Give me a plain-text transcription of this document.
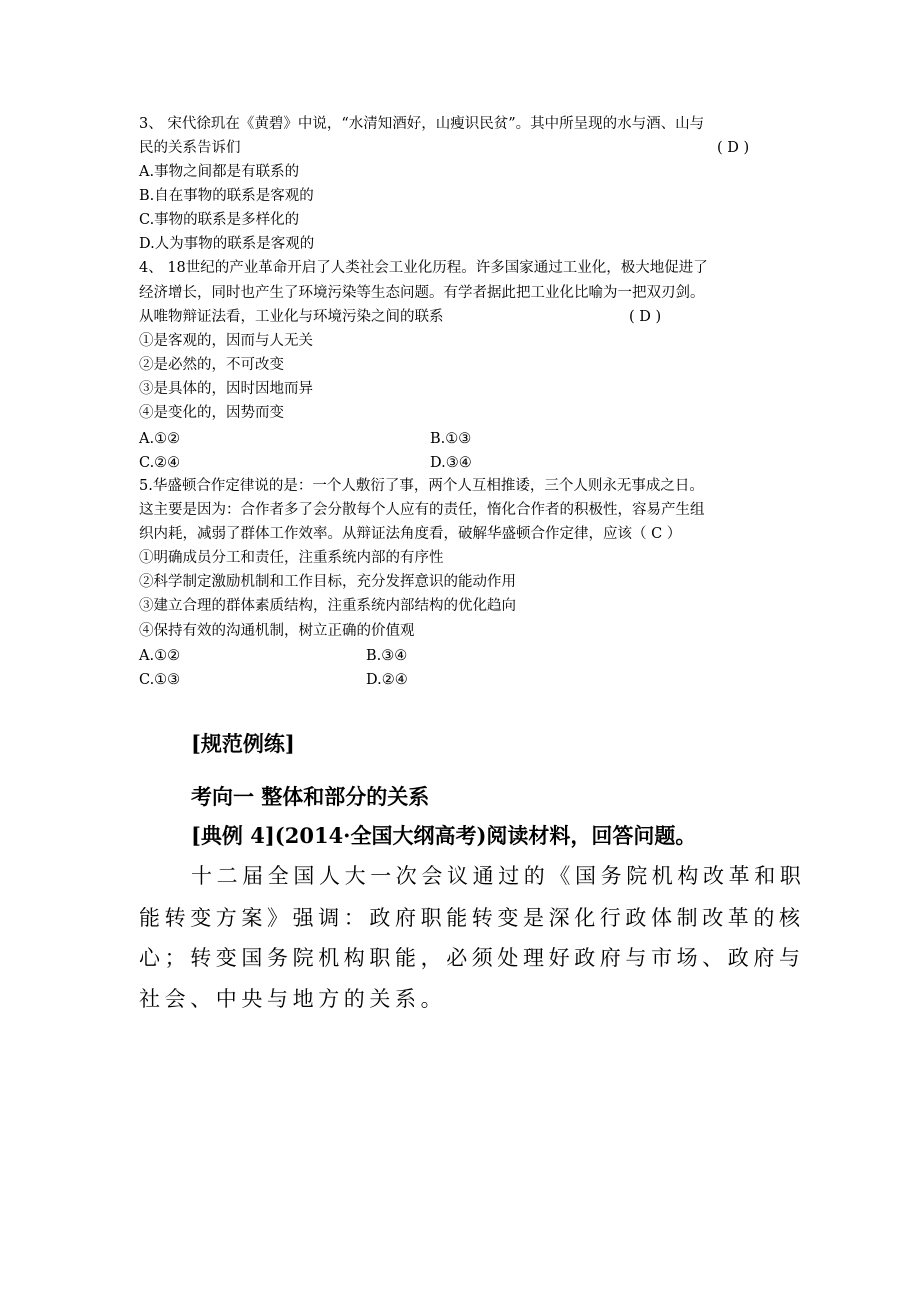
3、 宋代徐玑在《黄碧》中说，“水清知酒好，山瘦识民贫”。其中所呈现的水与酒、山与
民的关系告诉们	( D )
A.事物之间都是有联系的
B.自在事物的联系是客观的
C.事物的联系是多样化的
D.人为事物的联系是客观的
4、 18世纪的产业革命开启了人类社会工业化历程。许多国家通过工业化，极大地促进了
经济增长，同时也产生了环境污染等生态问题。有学者据此把工业化比喻为一把双刃剑。
从唯物辩证法看，工业化与环境污染之间的联系	( D )
①是客观的，因而与人无关
②是必然的，不可改变
③是具体的，因时因地而异
④是变化的，因势而变
A.①②	B.①③
C.②④	D.③④
5.华盛顿合作定律说的是：一个人敷衍了事，两个人互相推诿，三个人则永无事成之日。
这主要是因为：合作者多了会分散每个人应有的责任，惰化合作者的积极性，容易产生组
织内耗，减弱了群体工作效率。从辩证法角度看，破解华盛顿合作定律，应该（ C ）
①明确成员分工和责任，注重系统内部的有序性
②科学制定激励机制和工作目标，充分发挥意识的能动作用
③建立合理的群体素质结构，注重系统内部结构的优化趋向
④保持有效的沟通机制，树立正确的价值观
A.①②	B.③④
C.①③	D.②④
[规范例练]
考向一 整体和部分的关系
[典例 4](2014·全国大纲高考)阅读材料，回答问题。
十二届全国人大一次会议通过的《国务院机构改革和职
能转变方案》强调：政府职能转变是深化行政体制改革的核
心；转变国务院机构职能，必须处理好政府与市场、政府与
社会、中央与地方的关系。
